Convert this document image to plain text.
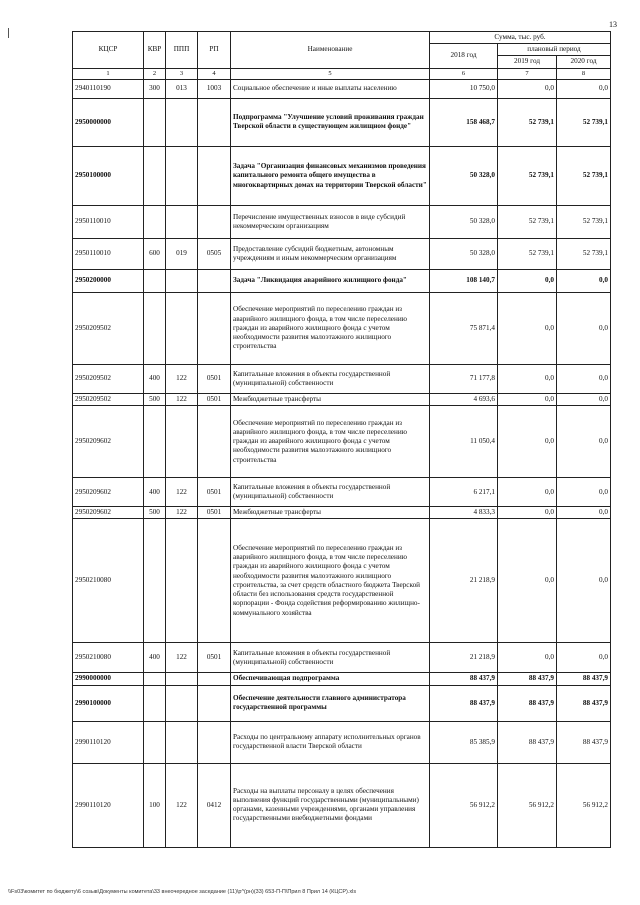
13
КЦСР	КВР	ППП	РП	Наименование	Сумма, тыс. руб.		
					2018 год	плановый период	
						2019 год	2020 год
1	2	3	4	5	6	7	8
2940110190	300	013	1003	Социальное обеспечение и иные выплаты населению	10 750,0	0,0	0,0
2950000000				Подпрограмма "Улучшение условий проживания граждан Тверской области в существующем жилищном фонде"	158 468,7	52 739,1	52 739,1
2950100000				Задача "Организация финансовых механизмов проведения капитального ремонта общего имущества в многоквартирных домах на территории Тверской области"	50 328,0	52 739,1	52 739,1
2950110010				Перечисление имущественных взносов в виде субсидий некоммерческим организациям	50 328,0	52 739,1	52 739,1
2950110010	600	019	0505	Предоставление субсидий бюджетным, автономным учреждениям и иным некоммерческим организациям	50 328,0	52 739,1	52 739,1
2950200000				Задача "Ликвидация аварийного жилищного фонда"	108 140,7	0,0	0,0
2950209502				Обеспечение мероприятий по переселению граждан из аварийного жилищного фонда, в том числе переселению граждан из аварийного жилищного фонда с учетом необходимости развития малоэтажного жилищного строительства	75 871,4	0,0	0,0
2950209502	400	122	0501	Капитальные вложения в объекты государственной (муниципальной) собственности	71 177,8	0,0	0,0
2950209502	500	122	0501	Межбюджетные трансферты	4 693,6	0,0	0,0
2950209602				Обеспечение мероприятий по переселению граждан из аварийного жилищного фонда, в том числе переселению граждан из аварийного жилищного фонда с учетом необходимости развития малоэтажного жилищного строительства	11 050,4	0,0	0,0
2950209602	400	122	0501	Капитальные вложения в объекты государственной (муниципальной) собственности	6 217,1	0,0	0,0
2950209602	500	122	0501	Межбюджетные трансферты	4 833,3	0,0	0,0
2950210080				Обеспечение мероприятий по переселению граждан из аварийного жилищного фонда, в том числе переселению граждан из аварийного жилищного фонда с учетом необходимости развития малоэтажного жилищного строительства, за счет средств областного бюджета Тверской области без использования средств государственной корпорации - Фонда содействия реформированию жилищно-коммунального хозяйства	21 218,9	0,0	0,0
2950210080	400	122	0501	Капитальные вложения в объекты государственной (муниципальной) собственности	21 218,9	0,0	0,0
2990000000				Обеспечивающая подпрограмма	88 437,9	88 437,9	88 437,9
2990100000				Обеспечение деятельности главного администратора государственной программы	88 437,9	88 437,9	88 437,9
2990110120				Расходы по центральному аппарату исполнительных органов государственной власти Тверской области	85 385,9	88 437,9	88 437,9
2990110120	100	122	0412	Расходы на выплаты персоналу в целях обеспечения выполнения функций государственными (муниципальными) органами, казенными учреждениями, органами управления государственными внебюджетными фондами	56 912,2	56 912,2	56 912,2
\\Fs03\комитет по бюджету\6 созыв\Документы комитета\33 внеочередное заседание (11)\р^(рн)(33) 653-П-П\Прил 8 Прил 14 (КЦСР).xls
